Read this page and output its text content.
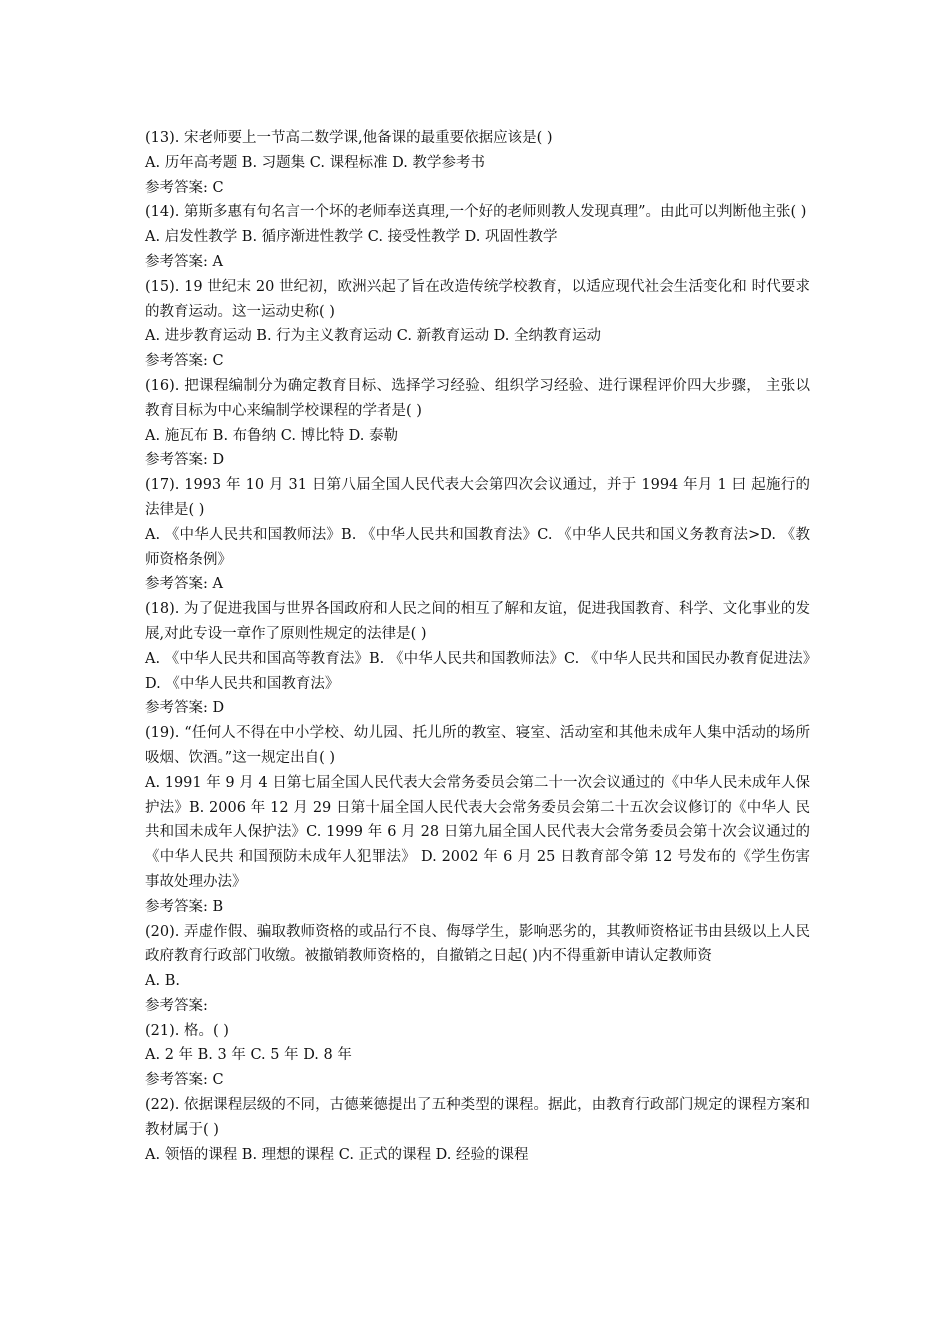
(13). 宋老师要上一节高二数学课,他备课的最重要依据应该是( )
A. 历年高考题 B. 习题集 C. 课程标准 D. 教学参考书
参考答案: C
(14). 第斯多惠有句名言一个坏的老师奉送真理,一个好的老师则教人发现真理”。由此可以判断他主张( )
A. 启发性教学 B. 循序渐进性教学 C. 接受性教学 D. 巩固性教学
参考答案: A
(15). 19 世纪末 20 世纪初，欧洲兴起了旨在改造传统学校教育，以适应现代社会生活变化和 时代要求的教育运动。这一运动史称( )
A. 进步教育运动 B. 行为主义教育运动 C. 新教育运动 D. 全纳教育运动
参考答案: C
(16). 把课程编制分为确定教育目标、选择学习经验、组织学习经验、进行课程评价四大步骤， 主张以教育目标为中心来编制学校课程的学者是( )
A. 施瓦布 B. 布鲁纳 C. 博比特 D. 泰勒
参考答案: D
(17). 1993 年 10 月 31 日第八届全国人民代表大会第四次会议通过，并于 1994 年月 1 曰 起施行的法律是( )
A. 《中华人民共和国教师法》B. 《中华人民共和国教育法》C. 《中华人民共和国义务教育法>D. 《教师资格条例》
参考答案: A
(18). 为了促进我国与世界各国政府和人民之间的相互了解和友谊，促进我国教育、科学、文化事业的发展,对此专设一章作了原则性规定的法律是( )
A. 《中华人民共和国高等教育法》B. 《中华人民共和国教师法》C. 《中华人民共和国民办教育促进法》D. 《中华人民共和国教育法》
参考答案: D
(19). “任何人不得在中小学校、幼儿园、托儿所的教室、寝室、活动室和其他未成年人集中活动的场所吸烟、饮酒。”这一规定出自( )
A. 1991 年 9 月 4 日第七届全国人民代表大会常务委员会第二十一次会议通过的《中华人民未成年人保护法》B. 2006 年 12 月 29 日第十届全国人民代表大会常务委员会第二十五次会议修订的《中华人 民共和国未成年人保护法》C. 1999 年 6 月 28 日第九届全国人民代表大会常务委员会第十次会议通过的《中华人民共 和国预防未成年人犯罪法》 D. 2002 年 6 月 25 日教育部令第 12 号发布的《学生伤害事故处理办法》
参考答案: B
(20). 弄虚作假、骗取教师资格的或品行不良、侮辱学生，影响恶劣的，其教师资格证书由县级以上人民政府教育行政部门收缴。被撤销教师资格的，自撤销之日起( )内不得重新申请认定教师资
A. B.
参考答案:
(21). 格。( )
A. 2 年 B. 3 年 C. 5 年 D. 8 年
参考答案: C
(22). 依据课程层级的不同，古德莱德提出了五种类型的课程。据此，由教育行政部门规定的课程方案和教材属于( )
A. 领悟的课程 B. 理想的课程 C. 正式的课程 D. 经验的课程
